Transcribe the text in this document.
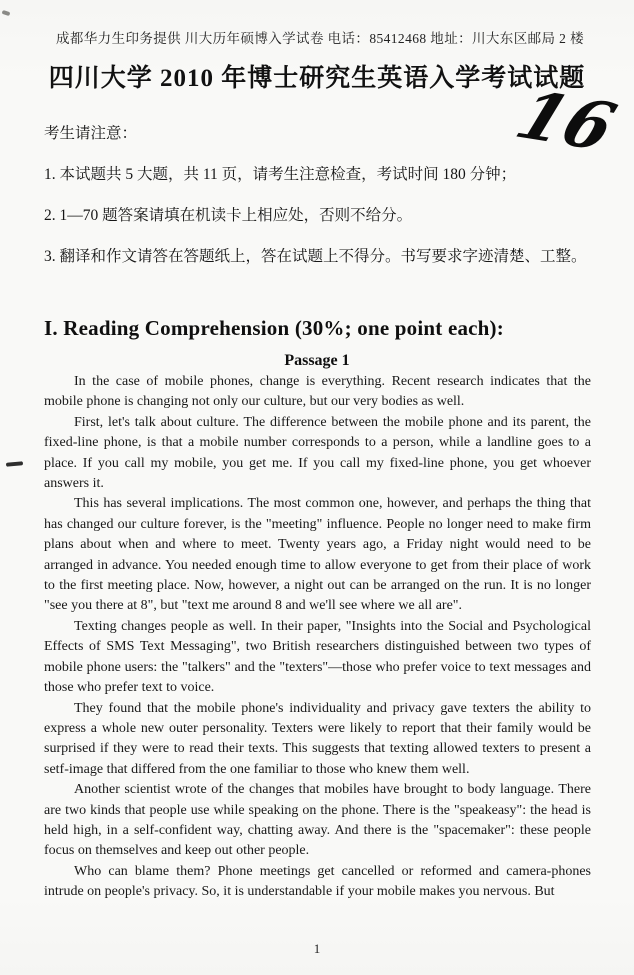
成都华力生印务提供 川大历年硕博入学试卷 电话：85412468 地址：川大东区邮局 2 楼
四川大学 2010 年博士研究生英语入学考试试题
16
考生请注意：
1. 本试题共 5 大题，共 11 页，请考生注意检查，考试时间 180 分钟；
2. 1—70 题答案请填在机读卡上相应处，否则不给分。
3. 翻译和作文请答在答题纸上，答在试题上不得分。书写要求字迹清楚、工整。
I. Reading Comprehension (30%; one point each):
Passage 1

In the case of mobile phones, change is everything. Recent research indicates that the mobile phone is changing not only our culture, but our very bodies as well.

First, let's talk about culture. The difference between the mobile phone and its parent, the fixed-line phone, is that a mobile number corresponds to a person, while a landline goes to a place. If you call my mobile, you get me. If you call my fixed-line phone, you get whoever answers it.

This has several implications. The most common one, however, and perhaps the thing that has changed our culture forever, is the "meeting" influence. People no longer need to make firm plans about when and where to meet. Twenty years ago, a Friday night would need to be arranged in advance. You needed enough time to allow everyone to get from their place of work to the first meeting place. Now, however, a night out can be arranged on the run. It is no longer "see you there at 8", but "text me around 8 and we'll see where we all are".

Texting changes people as well. In their paper, "Insights into the Social and Psychological Effects of SMS Text Messaging", two British researchers distinguished between two types of mobile phone users: the "talkers" and the "texters"—those who prefer voice to text messages and those who prefer text to voice.

They found that the mobile phone's individuality and privacy gave texters the ability to express a whole new outer personality. Texters were likely to report that their family would be surprised if they were to read their texts. This suggests that texting allowed texters to present a setf-image that differed from the one familiar to those who knew them well.

Another scientist wrote of the changes that mobiles have brought to body language. There are two kinds that people use while speaking on the phone. There is the "speakeasy": the head is held high, in a self-confident way, chatting away. And there is the "spacemaker": these people focus on themselves and keep out other people.

Who can blame them? Phone meetings get cancelled or reformed and camera-phones intrude on people's privacy. So, it is understandable if your mobile makes you nervous. But

1
